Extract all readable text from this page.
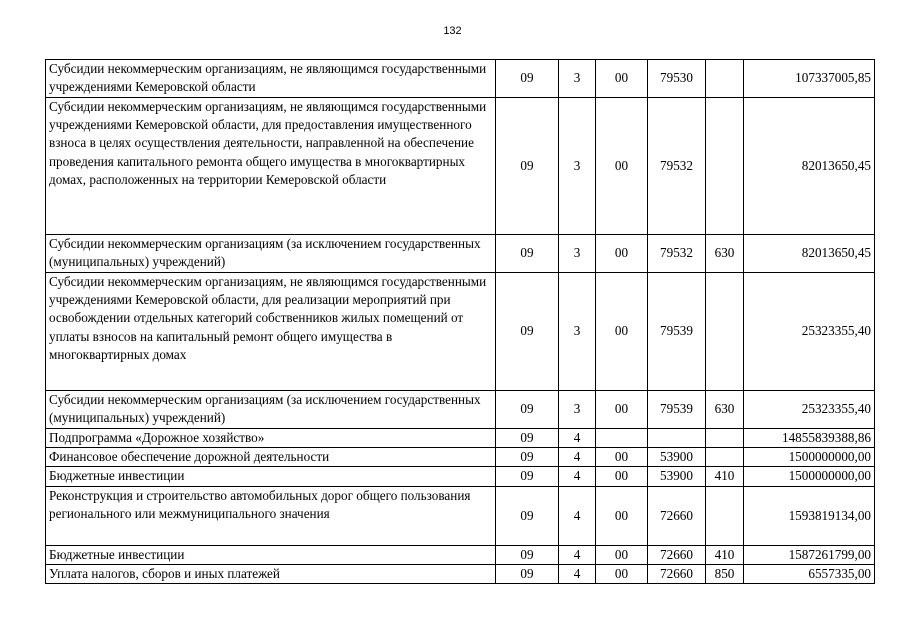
132
Субсидии некоммерческим организациям, не являющимся государственными учреждениями Кемеровской области	09	3	00	79530		107337005,85
Субсидии некоммерческим организациям, не являющимся государственными учреждениями Кемеровской области, для предоставления имущественного взноса в целях осуществления деятельности, направленной на обеспечение проведения капитального ремонта общего имущества в многоквартирных домах, расположенных на территории Кемеровской области	09	3	00	79532		82013650,45
Субсидии некоммерческим организациям (за исключением государственных (муниципальных) учреждений)	09	3	00	79532	630	82013650,45
Субсидии некоммерческим организациям, не являющимся государственными учреждениями Кемеровской области, для реализации мероприятий при освобождении отдельных категорий собственников жилых помещений от уплаты взносов на капитальный ремонт общего имущества в многоквартирных домах	09	3	00	79539		25323355,40
Субсидии некоммерческим организациям (за исключением государственных (муниципальных) учреждений)	09	3	00	79539	630	25323355,40
Подпрограмма «Дорожное хозяйство»	09	4				14855839388,86
Финансовое обеспечение дорожной деятельности	09	4	00	53900		1500000000,00
Бюджетные инвестиции	09	4	00	53900	410	1500000000,00
Реконструкция и строительство автомобильных дорог общего пользования регионального или межмуниципального значения	09	4	00	72660		1593819134,00
Бюджетные инвестиции	09	4	00	72660	410	1587261799,00
Уплата налогов, сборов и иных платежей	09	4	00	72660	850	6557335,00
